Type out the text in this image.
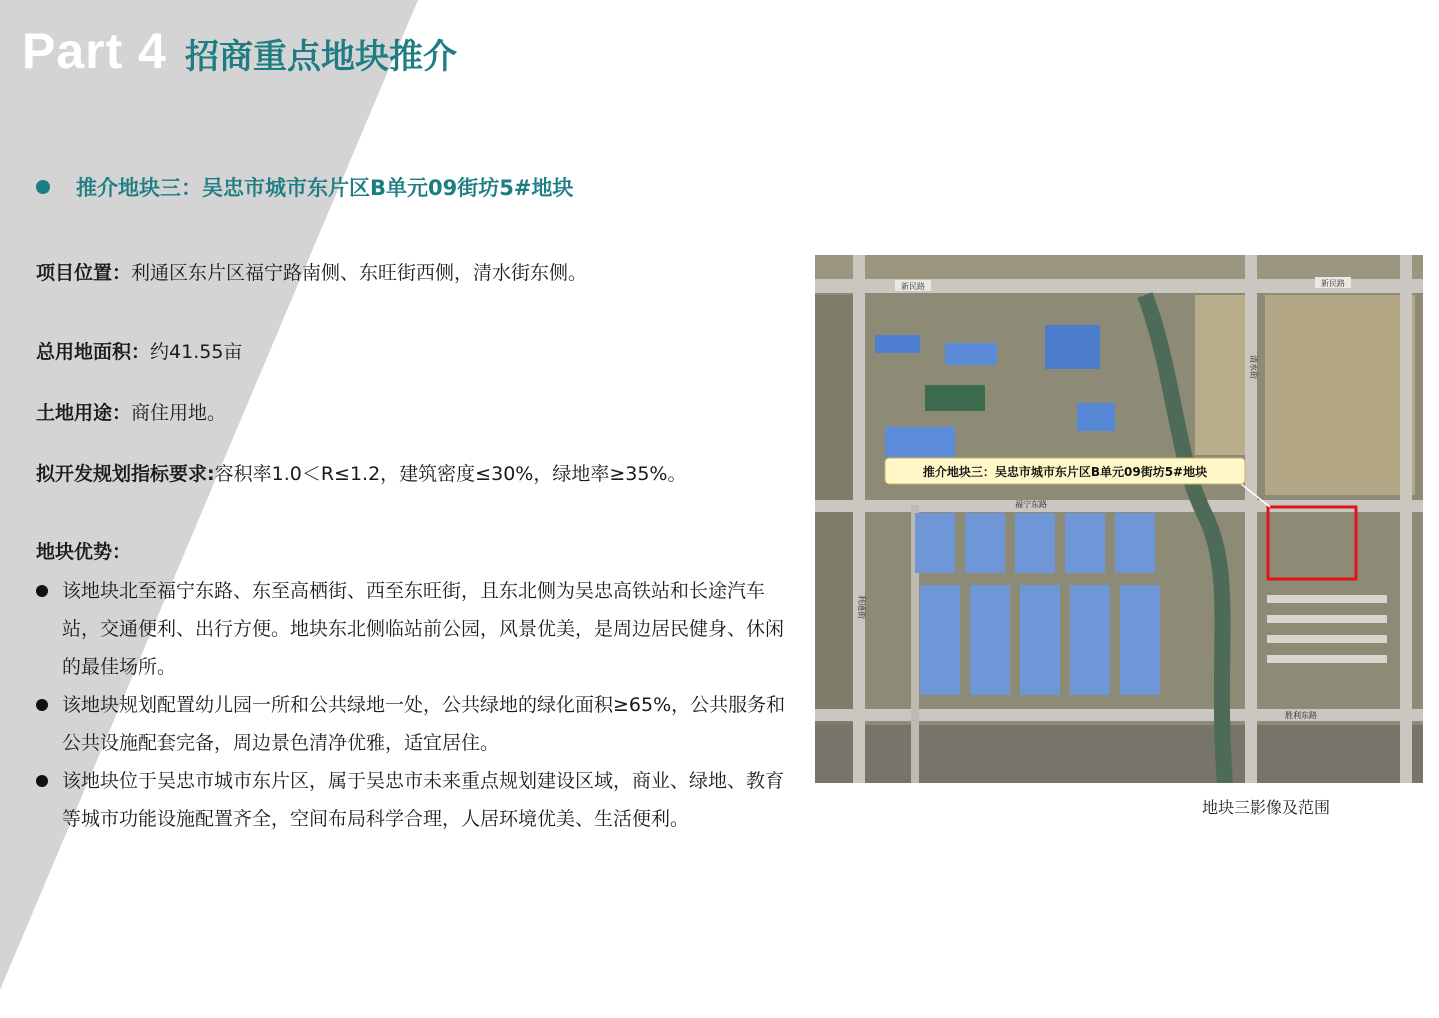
Part 4 招商重点地块推介
推介地块三：吴忠市城市东片区B单元09街坊5#地块
项目位置：利通区东片区福宁路南侧、东旺街西侧，清水街东侧。
总用地面积：约41.55亩
土地用途：商住用地。
拟开发规划指标要求:容积率1.0＜R≤1.2，建筑密度≤30%，绿地率≥35%。
地块优势：

该地块北至福宁东路、东至高栖街、西至东旺街，且东北侧为吴忠高铁站和长途汽车站，交通便利、出行方便。地块东北侧临站前公园，风景优美，是周边居民健身、休闲的最佳场所。

该地块规划配置幼儿园一所和公共绿地一处，公共绿地的绿化面积≥65%，公共服务和公共设施配套完备，周边景色清净优雅，适宜居住。

该地块位于吴忠市城市东片区，属于吴忠市未来重点规划建设区域，商业、绿地、教育等城市功能设施配置齐全，空间布局科学合理，人居环境优美、生活便利。

推介地块三：吴忠市城市东片区B单元09街坊5#地块
新民路	新民路
清水街
利通街
福宁东路
胜利东路
地块三影像及范围
